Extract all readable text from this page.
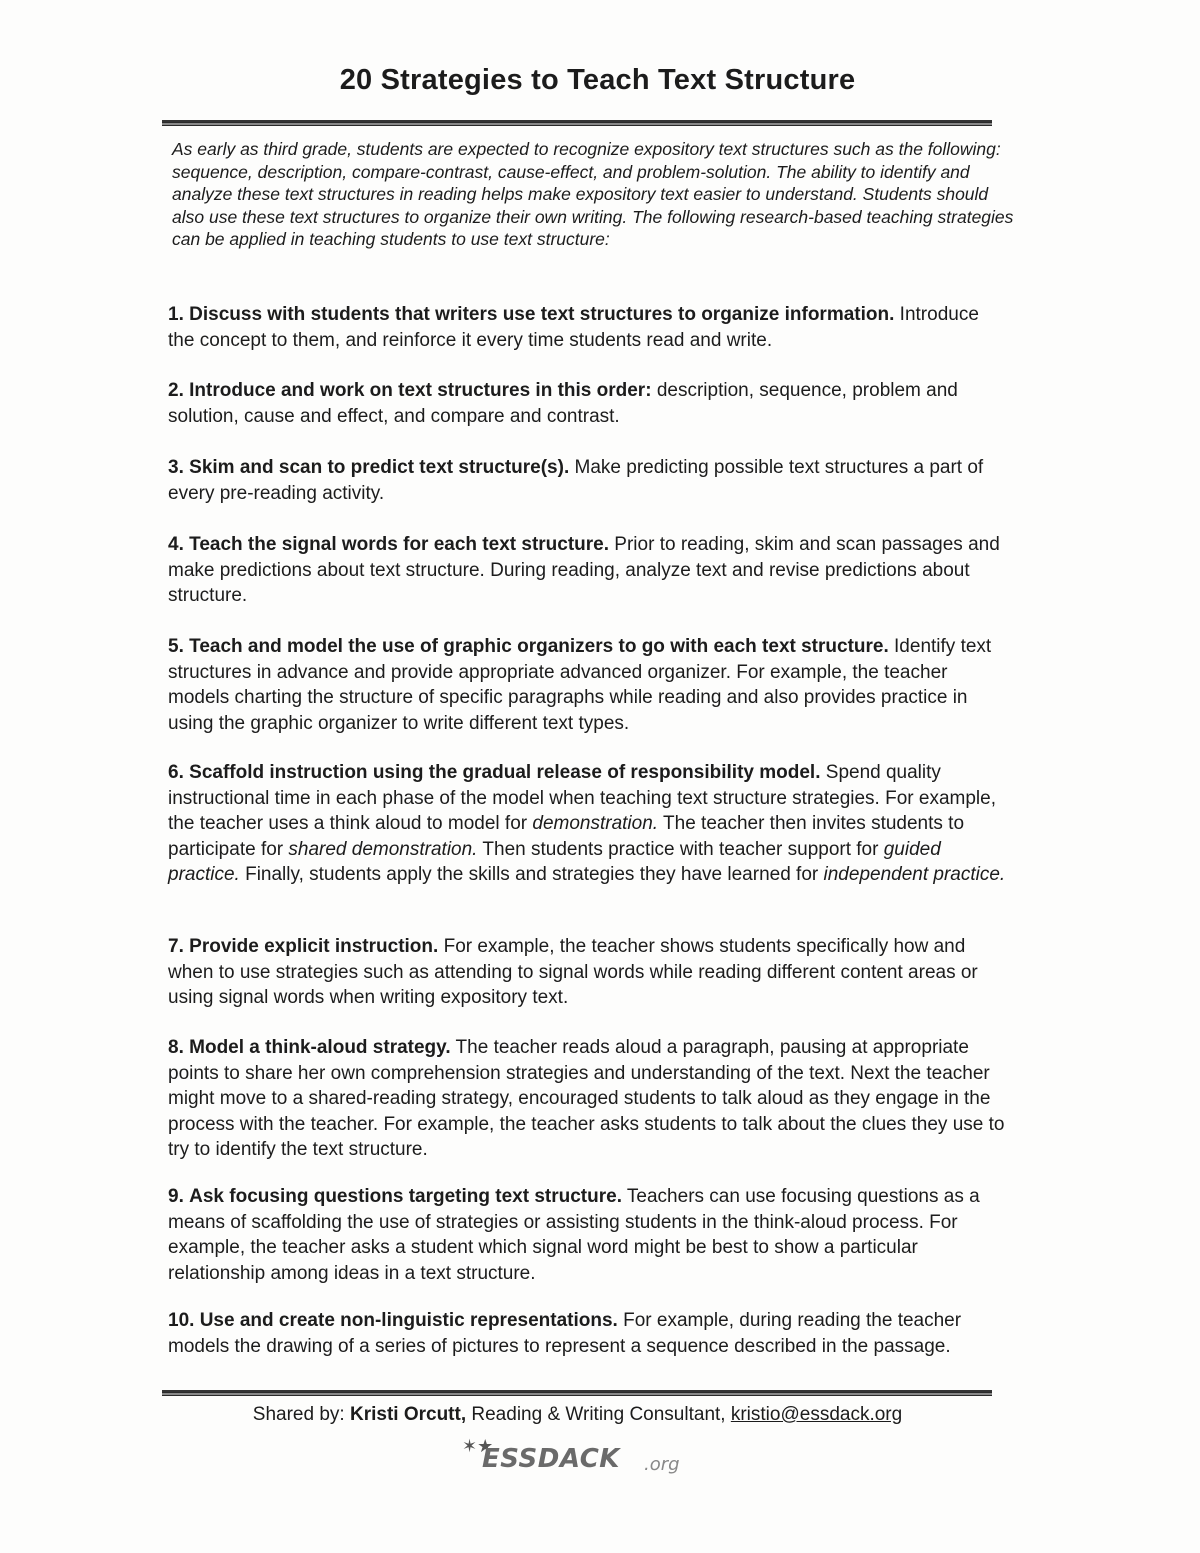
20 Strategies to Teach Text Structure

As early as third grade, students are expected to recognize expository text structures such as the following: sequence, description, compare-contrast, cause-effect, and problem-solution. The ability to identify and analyze these text structures in reading helps make expository text easier to understand. Students should also use these text structures to organize their own writing. The following research-based teaching strategies can be applied in teaching students to use text structure:

1. Discuss with students that writers use text structures to organize information. Introduce the concept to them, and reinforce it every time students read and write.

2. Introduce and work on text structures in this order: description, sequence, problem and solution, cause and effect, and compare and contrast.

3. Skim and scan to predict text structure(s). Make predicting possible text structures a part of every pre-reading activity.

4. Teach the signal words for each text structure. Prior to reading, skim and scan passages and make predictions about text structure. During reading, analyze text and revise predictions about structure.

5. Teach and model the use of graphic organizers to go with each text structure. Identify text structures in advance and provide appropriate advanced organizer. For example, the teacher models charting the structure of specific paragraphs while reading and also provides practice in using the graphic organizer to write different text types.

6. Scaffold instruction using the gradual release of responsibility model. Spend quality instructional time in each phase of the model when teaching text structure strategies. For example, the teacher uses a think aloud to model for demonstration. The teacher then invites students to participate for shared demonstration. Then students practice with teacher support for guided practice. Finally, students apply the skills and strategies they have learned for independent practice.

7. Provide explicit instruction. For example, the teacher shows students specifically how and when to use strategies such as attending to signal words while reading different content areas or using signal words when writing expository text.

8. Model a think-aloud strategy. The teacher reads aloud a paragraph, pausing at appropriate points to share her own comprehension strategies and understanding of the text. Next the teacher might move to a shared-reading strategy, encouraged students to talk aloud as they engage in the process with the teacher. For example, the teacher asks students to talk about the clues they use to try to identify the text structure.

9. Ask focusing questions targeting text structure. Teachers can use focusing questions as a means of scaffolding the use of strategies or assisting students in the think-aloud process. For example, the teacher asks a student which signal word might be best to show a particular relationship among ideas in a text structure.

10. Use and create non-linguistic representations. For example, during reading the teacher models the drawing of a series of pictures to represent a sequence described in the passage.

Shared by: Kristi Orcutt, Reading & Writing Consultant, kristio@essdack.org
✶★
ESSDACK .org
